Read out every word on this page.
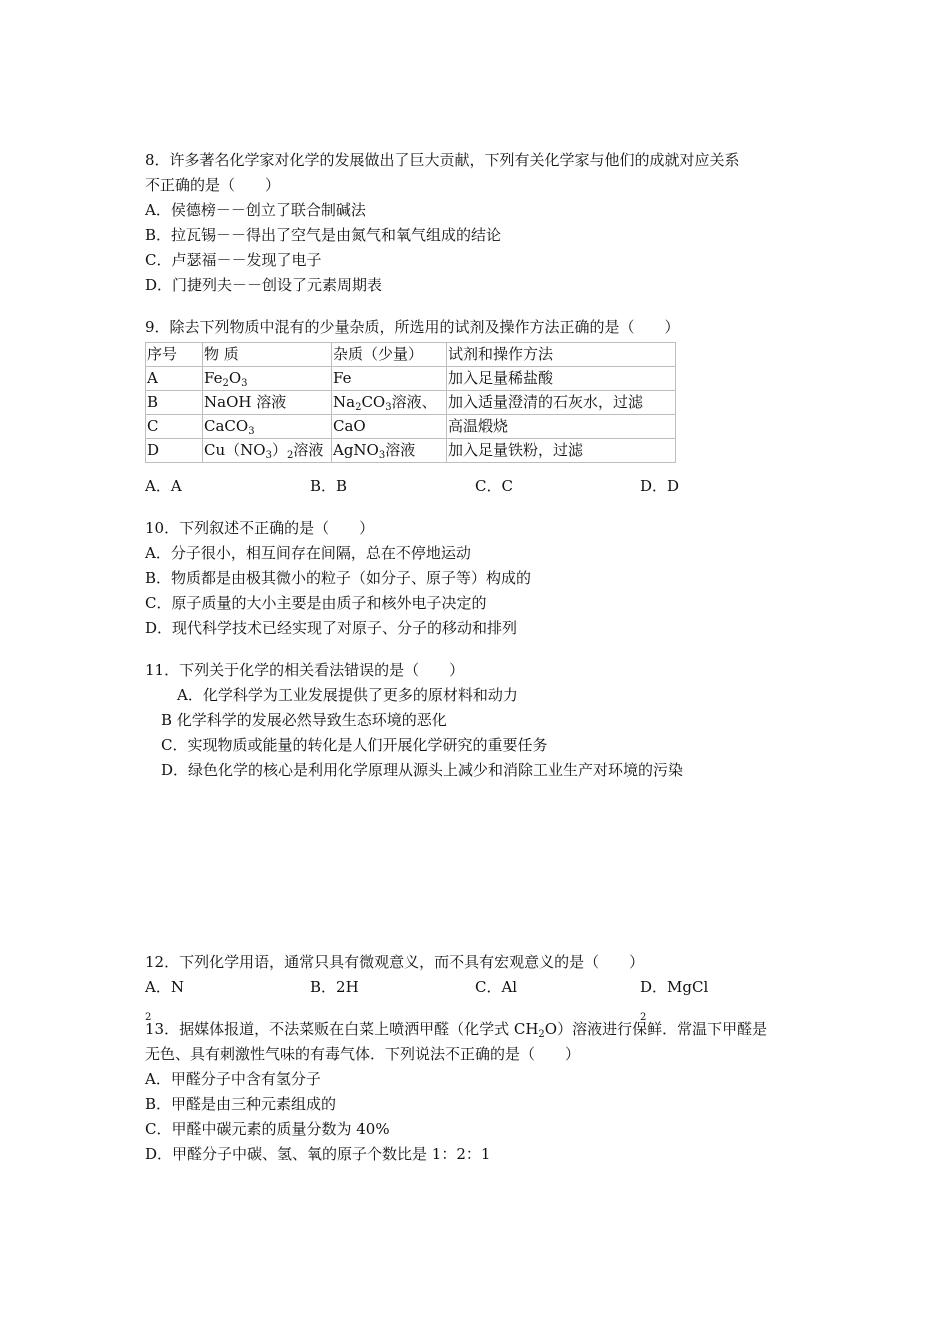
8．许多著名化学家对化学的发展做出了巨大贡献，下列有关化学家与他们的成就对应关系
不正确的是（　　）
A．侯德榜－－创立了联合制碱法
B．拉瓦锡－－得出了空气是由氮气和氧气组成的结论
C．卢瑟福－－发现了电子
D．门捷列夫－－创设了元素周期表
9．除去下列物质中混有的少量杂质，所选用的试剂及操作方法正确的是（　　）
序号	物 质	杂质（少量）	试剂和操作方法
A	$Fe_2O_3$	Fe	加入足量稀盐酸
B	NaOH 溶液	$Na_2CO_3$溶液、	加入适量澄清的石灰水，过滤
C	CaCO$_3$	CaO	高温煅烧
D	$Cu(NO_3)_2$溶液	AgNO$_3$溶液	加入足量铁粉，过滤
A．A	B．B	C．C	D．D
10．下列叙述不正确的是（　　）
A．分子很小，相互间存在间隔，总在不停地运动
B．物质都是由极其微小的粒子（如分子、原子等）构成的
C．原子质量的大小主要是由质子和核外电子决定的
D．现代科学技术已经实现了对原子、分子的移动和排列
11．下列关于化学的相关看法错误的是（　　）
A．化学科学为工业发展提供了更多的原材料和动力
B 化学科学的发展必然导致生态环境的恶化
C．实现物质或能量的转化是人们开展化学研究的重要任务
D．绿色化学的核心是利用化学原理从源头上减少和消除工业生产对环境的污染
12．下列化学用语，通常只具有微观意义，而不具有宏观意义的是（　　）
A．$N_2$
B．2H	C．Al	D．MgCl$_2$
13．据媒体报道，不法菜贩在白菜上喷洒甲醛（化学式 $CH_2O$）溶液进行保鲜．常温下甲醛是
无色、具有刺激性气味的有毒气体．下列说法不正确的是（　　）
A．甲醛分子中含有氢分子
B．甲醛是由三种元素组成的
C．甲醛中碳元素的质量分数为 40%
D．甲醛分子中碳、氢、氧的原子个数比是 1：2：1
